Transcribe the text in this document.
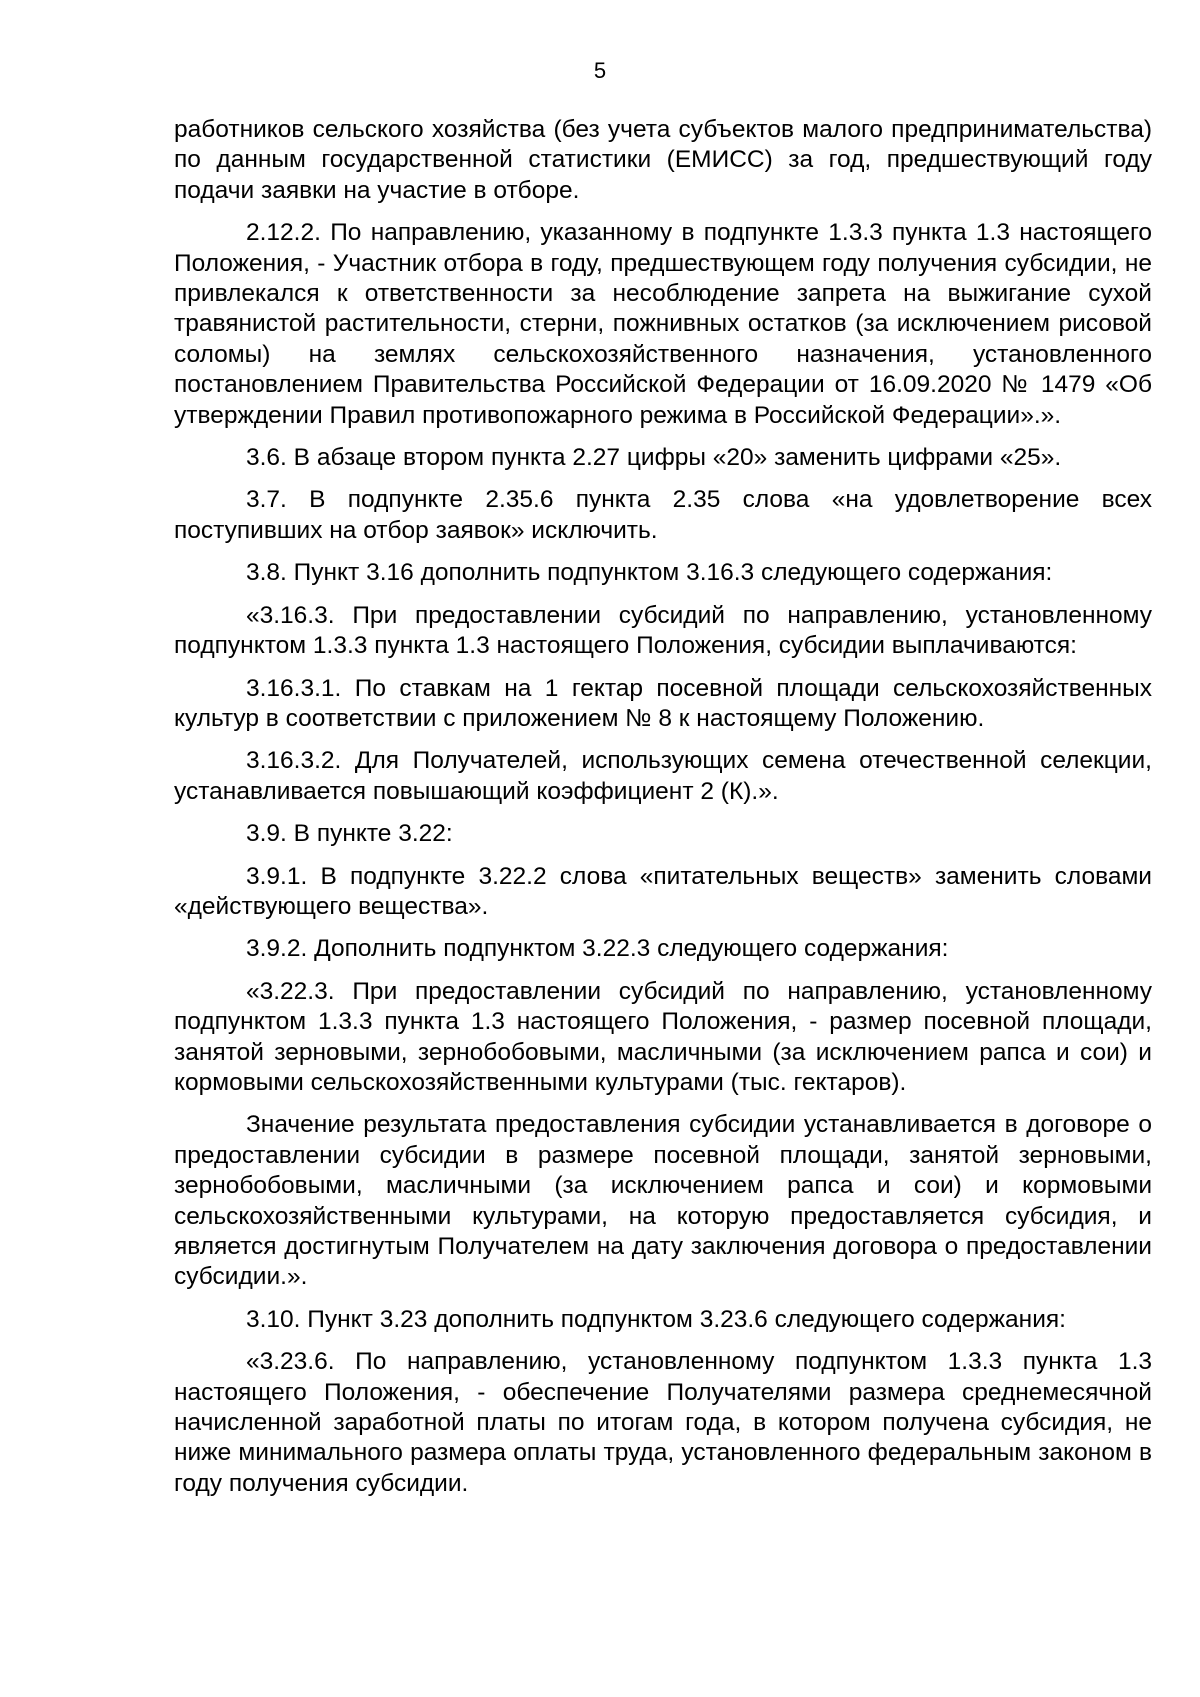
5

работников сельского хозяйства (без учета субъектов малого предпринимательства) по данным государственной статистики (ЕМИСС) за год, предшествующий году подачи заявки на участие в отборе.

2.12.2. По направлению, указанному в подпункте 1.3.3 пункта 1.3 настоящего Положения, - Участник отбора в году, предшествующем году получения субсидии, не привлекался к ответственности за несоблюдение запрета на выжигание сухой травянистой растительности, стерни, пожнивных остатков (за исключением рисовой соломы) на землях сельскохозяйственного назначения, установленного постановлением Правительства Российской Федерации от 16.09.2020 № 1479 «Об утверждении Правил противопожарного режима в Российской Федерации».».

3.6. В абзаце втором пункта 2.27 цифры «20» заменить цифрами «25».

3.7. В подпункте 2.35.6 пункта 2.35 слова «на удовлетворение всех поступивших на отбор заявок» исключить.

3.8. Пункт 3.16 дополнить подпунктом 3.16.3 следующего содержания:

«3.16.3. При предоставлении субсидий по направлению, установленному подпунктом 1.3.3 пункта 1.3 настоящего Положения, субсидии выплачиваются:

3.16.3.1. По ставкам на 1 гектар посевной площади сельскохозяйственных культур в соответствии с приложением № 8 к настоящему Положению.

3.16.3.2. Для Получателей, использующих семена отечественной селекции, устанавливается повышающий коэффициент 2 (К).».

3.9. В пункте 3.22:

3.9.1. В подпункте 3.22.2 слова «питательных веществ» заменить словами «действующего вещества».

3.9.2. Дополнить подпунктом 3.22.3 следующего содержания:

«3.22.3. При предоставлении субсидий по направлению, установленному подпунктом 1.3.3 пункта 1.3 настоящего Положения, - размер посевной площади, занятой зерновыми, зернобобовыми, масличными (за исключением рапса и сои) и кормовыми сельскохозяйственными культурами (тыс. гектаров).

Значение результата предоставления субсидии устанавливается в договоре о предоставлении субсидии в размере посевной площади, занятой зерновыми, зернобобовыми, масличными (за исключением рапса и сои) и кормовыми сельскохозяйственными культурами, на которую предоставляется субсидия, и является достигнутым Получателем на дату заключения договора о предоставлении субсидии.».

3.10. Пункт 3.23 дополнить подпунктом 3.23.6 следующего содержания:

«3.23.6. По направлению, установленному подпунктом 1.3.3 пункта 1.3 настоящего Положения, - обеспечение Получателями размера среднемесячной начисленной заработной платы по итогам года, в котором получена субсидия, не ниже минимального размера оплаты труда, установленного федеральным законом в году получения субсидии.
